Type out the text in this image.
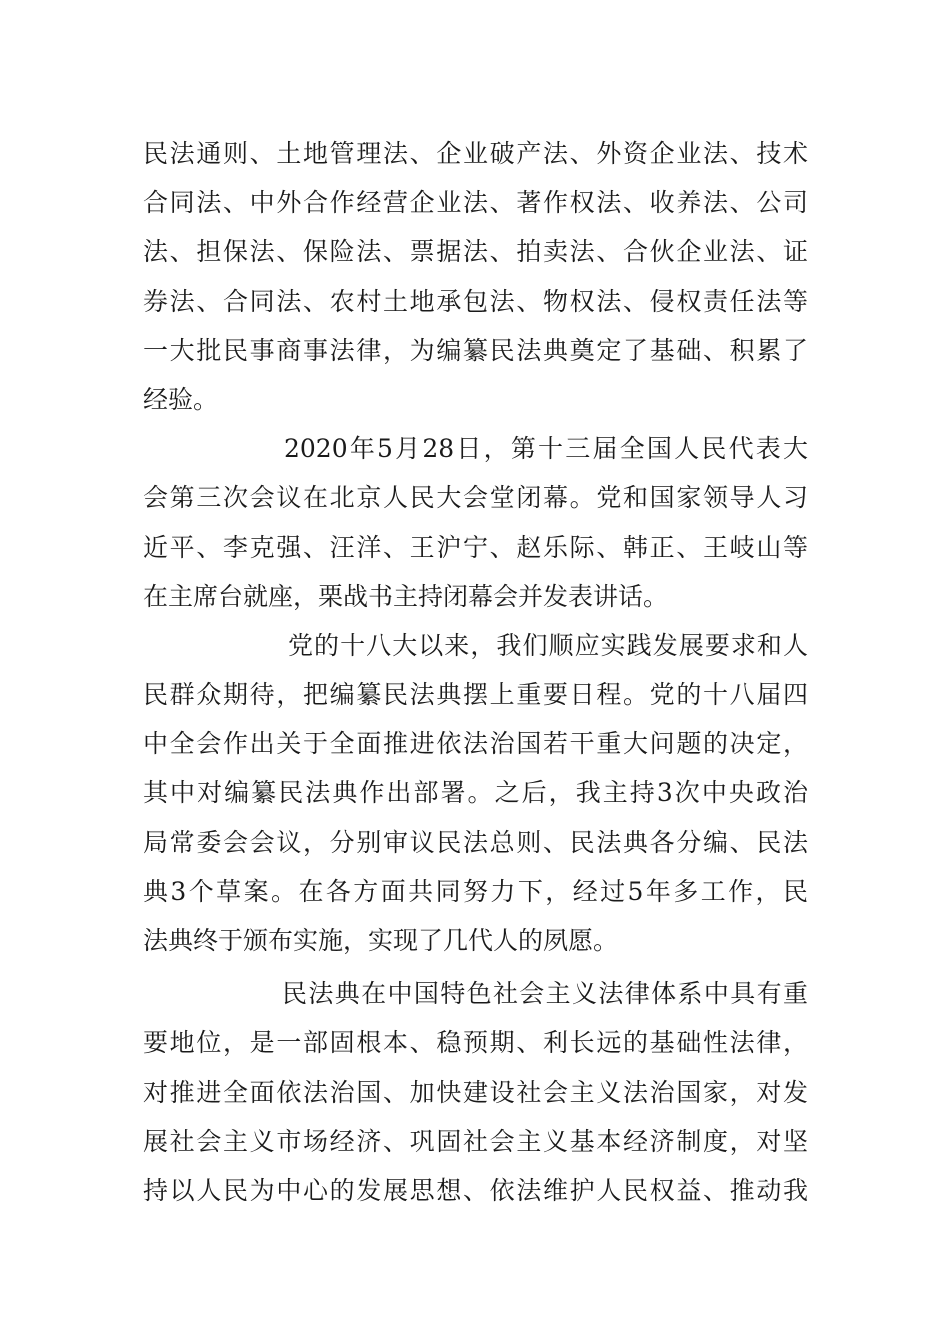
民法通则、土地管理法、企业破产法、外资企业法、技术
合同法、中外合作经营企业法、著作权法、收养法、公司
法、担保法、保险法、票据法、拍卖法、合伙企业法、证
券法、合同法、农村土地承包法、物权法、侵权责任法等
一大批民事商事法律，为编纂民法典奠定了基础、积累了
经验。
2020年5月28日，第十三届全国人民代表大
会第三次会议在北京人民大会堂闭幕。党和国家领导人习
近平、李克强、汪洋、王沪宁、赵乐际、韩正、王岐山等
在主席台就座，栗战书主持闭幕会并发表讲话。
党的十八大以来，我们顺应实践发展要求和人
民群众期待，把编纂民法典摆上重要日程。党的十八届四
中全会作出关于全面推进依法治国若干重大问题的决定，
其中对编纂民法典作出部署。之后，我主持3次中央政治
局常委会会议，分别审议民法总则、民法典各分编、民法
典3个草案。在各方面共同努力下，经过5年多工作，民
法典终于颁布实施，实现了几代人的夙愿。
民法典在中国特色社会主义法律体系中具有重
要地位，是一部固根本、稳预期、利长远的基础性法律，
对推进全面依法治国、加快建设社会主义法治国家，对发
展社会主义市场经济、巩固社会主义基本经济制度，对坚
持以人民为中心的发展思想、依法维护人民权益、推动我
